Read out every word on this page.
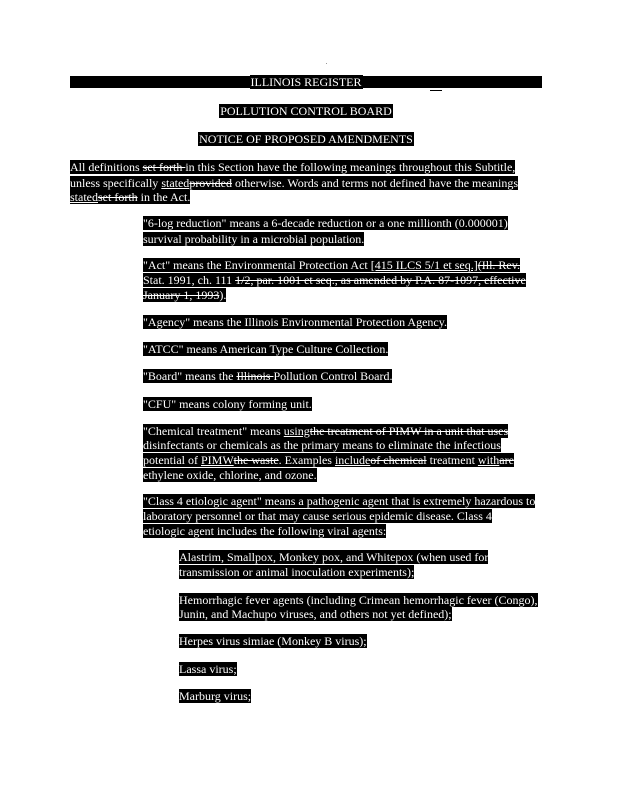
ILLINOIS REGISTER
POLLUTION CONTROL BOARD
NOTICE OF PROPOSED AMENDMENTS
All definitions set forth in this Section have the following meanings throughout this Subtitle,
unless specifically statedprovided otherwise. Words and terms not defined have the meanings
statedset forth in the Act.
"6-log reduction" means a 6-decade reduction or a one millionth (0.000001)
survival probability in a microbial population.
"Act" means the Environmental Protection Act [415 ILCS 5/1 et seq.](Ill. Rev.
Stat. 1991, ch. 111 1/2, par. 1001 et seq., as amended by P.A. 87-1097, effective
January 1, 1993).
"Agency" means the Illinois Environmental Protection Agency.
"ATCC" means American Type Culture Collection.
"Board" means the Illinois Pollution Control Board.
"CFU" means colony forming unit.
"Chemical treatment" means usingthe treatment of PIMW in a unit that uses
disinfectants or chemicals as the primary means to eliminate the infectious
potential of PIMWthe waste. Examples includeof chemical treatment withare
ethylene oxide, chlorine, and ozone.
"Class 4 etiologic agent" means a pathogenic agent that is extremely hazardous to
laboratory personnel or that may cause serious epidemic disease. Class 4
etiologic agent includes the following viral agents:
Alastrim, Smallpox, Monkey pox, and Whitepox (when used for
transmission or animal inoculation experiments);
Hemorrhagic fever agents (including Crimean hemorrhagic fever (Congo),
Junin, and Machupo viruses, and others not yet defined);
Herpes virus simiae (Monkey B virus);
Lassa virus;
Marburg virus;
